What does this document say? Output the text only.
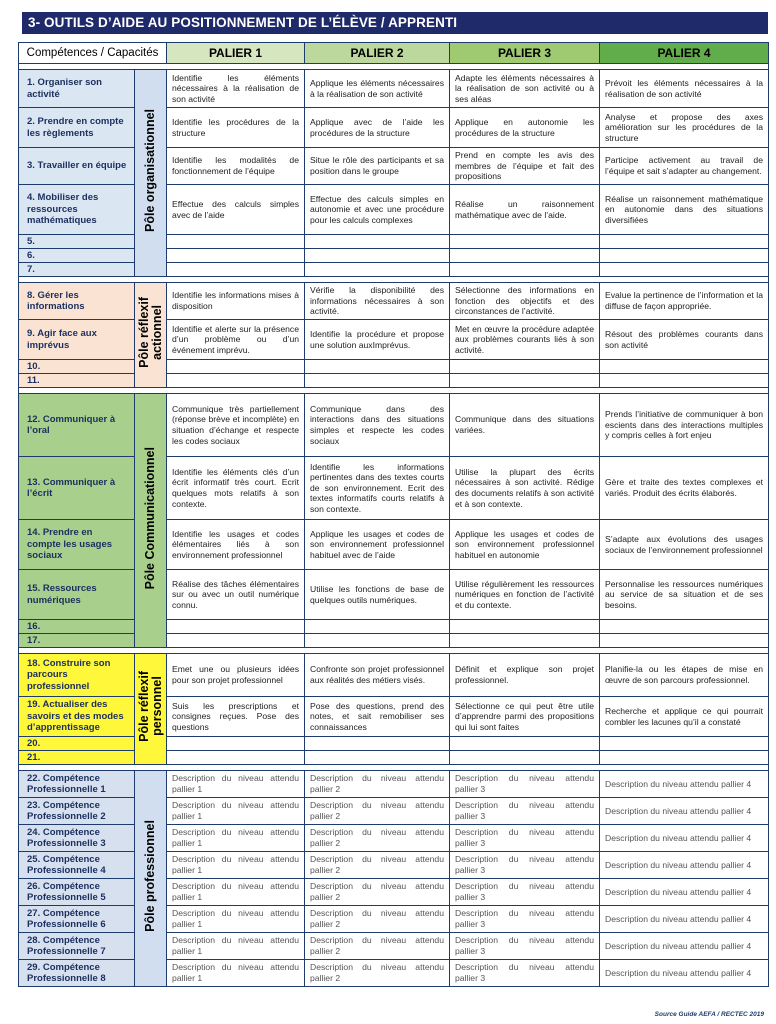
3- OUTILS D’AIDE AU POSITIONNEMENT DE L’ÉLÈVE / APPRENTI
Compétences / Capacités		PALIER 1	PALIER 2	PALIER 3	PALIER 4

1. Organiser son activité	Pôle organisationnel	Identifie les éléments nécessaires à la réalisation de son activité	Applique les éléments nécessaires à la réalisation de son activité	Adapte les éléments nécessaires à la réalisation de son activité ou à ses aléas	Prévoit les éléments nécessaires à la réalisation de son activité
2. Prendre en compte les règlements		Identifie les procédures de la structure	Applique avec de l’aide les procédures de la structure	Applique en autonomie les procédures de la structure	Analyse et propose des axes amélioration sur les procédures de la structure
3. Travailler en équipe		Identifie les modalités de fonctionnement de l’équipe	Situe le rôle des participants et sa position dans le groupe	Prend en compte les avis des membres de l’équipe et fait des propositions	Participe activement au travail de l’équipe et sait s’adapter au changement.
4. Mobiliser des ressources mathématiques		Effectue des calculs simples avec de l’aide	Effectue des calculs simples en autonomie et avec une procédure pour les calculs complexes	Réalise un raisonnement mathématique avec de l’aide.	Réalise un raisonnement mathématique en autonomie dans des situations diversifiées
5.					
6.					
7.					

8. Gérer les informations	Pôle réflexif actionnel	Identifie les informations mises à disposition	Vérifie la disponibilité des informations nécessaires à son activité.	Sélectionne des informations en fonction des objectifs et des circonstances de l’activité.	Evalue la pertinence de l’information et la diffuse de façon appropriée.
9. Agir face aux imprévus		Identifie et alerte sur la présence d’un problème ou d’un événement imprévu.	Identifie la procédure et propose une solution auxImprévus.	Met en œuvre la procédure adaptée aux problèmes courants liés à son activité.	Résout des problèmes courants dans son activité
10.					
11.					

12. Communiquer à l’oral	Pôle Communicationnel	Communique très partiellement (réponse brève et incomplète) en situation d’échange et respecte les codes sociaux	Communique dans des interactions dans des situations simples et respecte les codes sociaux	Communique dans des situations variées.	Prends l’initiative de communiquer à bon escients dans des interactions multiples y compris celles à fort enjeu
13. Communiquer à l’écrit		Identifie les éléments clés d’un écrit informatif très court. Ecrit quelques mots relatifs à son contexte.	Identifie les informations pertinentes dans des textes courts de son environnement. Ecrit des textes informatifs courts relatifs à son contexte.	Utilise la plupart des écrits nécessaires à son activité. Rédige des documents relatifs à son activité et à son contexte.	Gère et traite des textes complexes et variés. Produit des écrits élaborés.
14. Prendre en compte les usages sociaux		Identifie les usages et codes élémentaires liés à son environnement professionnel	Applique les usages et codes de son environnement professionnel habituel avec de l’aide	Applique les usages et codes de son environnement professionnel habituel en autonomie	S’adapte aux évolutions des usages sociaux de l’environnement professionnel
15. Ressources numériques		Réalise des tâches élémentaires sur ou avec un outil numérique connu.	Utilise les fonctions de base de quelques outils numériques.	Utilise régulièrement les ressources numériques en fonction de l’activité et du contexte.	Personnalise les ressources numériques au service de sa situation et de ses besoins.
16.					
17.					

18. Construire son parcours professionnel	Pôle réflexif personnel	Emet une ou plusieurs idées pour son projet professionnel	Confronte son projet professionnel aux réalités des métiers visés.	Définit et explique son projet professionnel.	Planifie-la ou les étapes de mise en œuvre de son parcours professionnel.
19. Actualiser des savoirs et des modes d’apprentissage		Suis les prescriptions et consignes reçues. Pose des questions	Pose des questions, prend des notes, et sait remobiliser ses connaissances	Sélectionne ce qui peut être utile d’apprendre parmi des propositions qui lui sont faites	Recherche et applique ce qui pourrait combler les lacunes qu’il a constaté
20.					
21.					

22. Compétence Professionnelle 1	Pôle professionnel	Description du niveau attendu pallier 1	Description du niveau attendu pallier 2	Description du niveau attendu pallier 3	Description du niveau attendu pallier 4
23. Compétence Professionnelle 2		Description du niveau attendu pallier 1	Description du niveau attendu pallier 2	Description du niveau attendu pallier 3	Description du niveau attendu pallier 4
24. Compétence Professionnelle 3		Description du niveau attendu pallier 1	Description du niveau attendu pallier 2	Description du niveau attendu pallier 3	Description du niveau attendu pallier 4
25. Compétence Professionnelle 4		Description du niveau attendu pallier 1	Description du niveau attendu pallier 2	Description du niveau attendu pallier 3	Description du niveau attendu pallier 4
26. Compétence Professionnelle 5		Description du niveau attendu pallier 1	Description du niveau attendu pallier 2	Description du niveau attendu pallier 3	Description du niveau attendu pallier 4
27. Compétence Professionnelle 6		Description du niveau attendu pallier 1	Description du niveau attendu pallier 2	Description du niveau attendu pallier 3	Description du niveau attendu pallier 4
28. Compétence Professionnelle 7		Description du niveau attendu pallier 1	Description du niveau attendu pallier 2	Description du niveau attendu pallier 3	Description du niveau attendu pallier 4
29. Compétence Professionnelle 8		Description du niveau attendu pallier 1	Description du niveau attendu pallier 2	Description du niveau attendu pallier 3	Description du niveau attendu pallier 4
Source Guide AEFA / RECTEC 2019
